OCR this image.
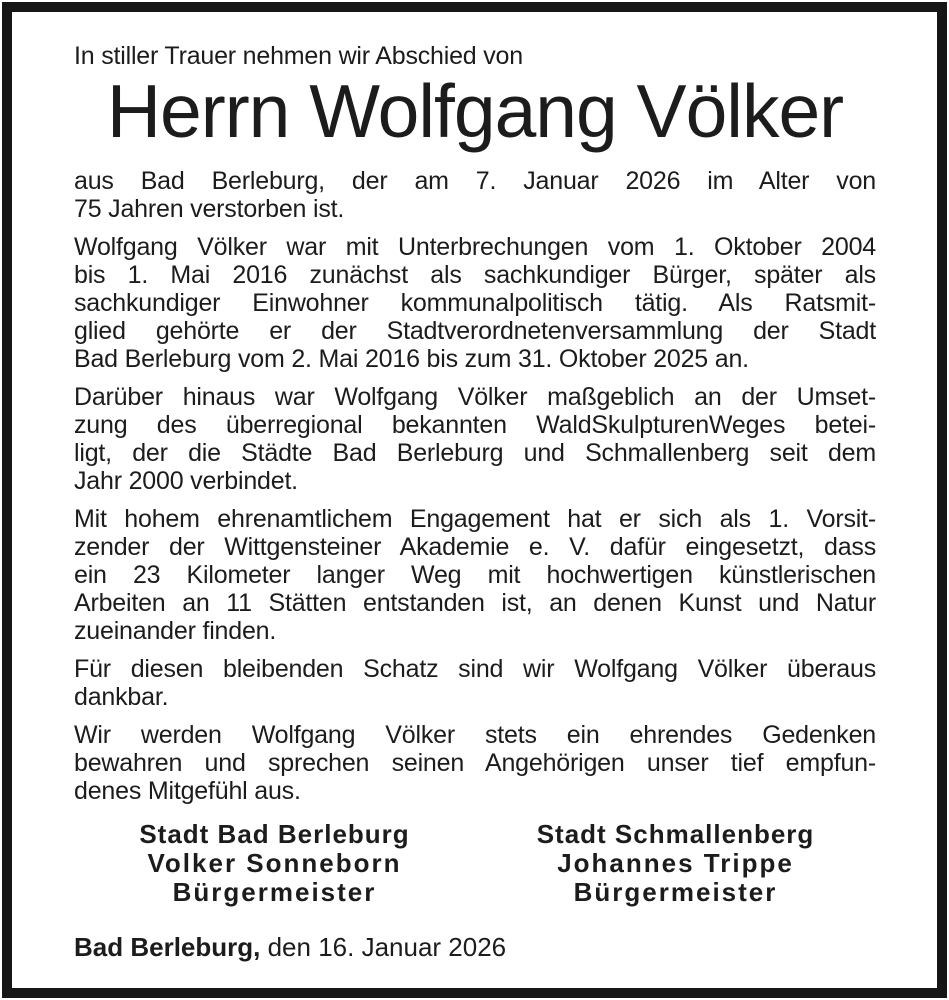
In stiller Trauer nehmen wir Abschied von
Herrn Wolfgang Völker
aus Bad Berleburg, der am 7. Januar 2026 im Alter von
75 Jahren verstorben ist.
Wolfgang Völker war mit Unterbrechungen vom 1. Oktober 2004
bis 1. Mai 2016 zunächst als sachkundiger Bürger, später als
sachkundiger Einwohner kommunalpolitisch tätig. Als Ratsmit-
glied gehörte er der Stadtverordnetenversammlung der Stadt
Bad Berleburg vom 2. Mai 2016 bis zum 31. Oktober 2025 an.
Darüber hinaus war Wolfgang Völker maßgeblich an der Umset-
zung des überregional bekannten WaldSkulpturenWeges betei-
ligt, der die Städte Bad Berleburg und Schmallenberg seit dem
Jahr 2000 verbindet.
Mit hohem ehrenamtlichem Engagement hat er sich als 1. Vorsit-
zender der Wittgensteiner Akademie e. V. dafür eingesetzt, dass
ein 23 Kilometer langer Weg mit hochwertigen künstlerischen
Arbeiten an 11 Stätten entstanden ist, an denen Kunst und Natur
zueinander finden.
Für diesen bleibenden Schatz sind wir Wolfgang Völker überaus
dankbar.
Wir werden Wolfgang Völker stets ein ehrendes Gedenken
bewahren und sprechen seinen Angehörigen unser tief empfun-
denes Mitgefühl aus.
Stadt Bad Berleburg
Volker Sonneborn
Bürgermeister
Stadt Schmallenberg
Johannes Trippe
Bürgermeister
Bad Berleburg, den 16. Januar 2026
